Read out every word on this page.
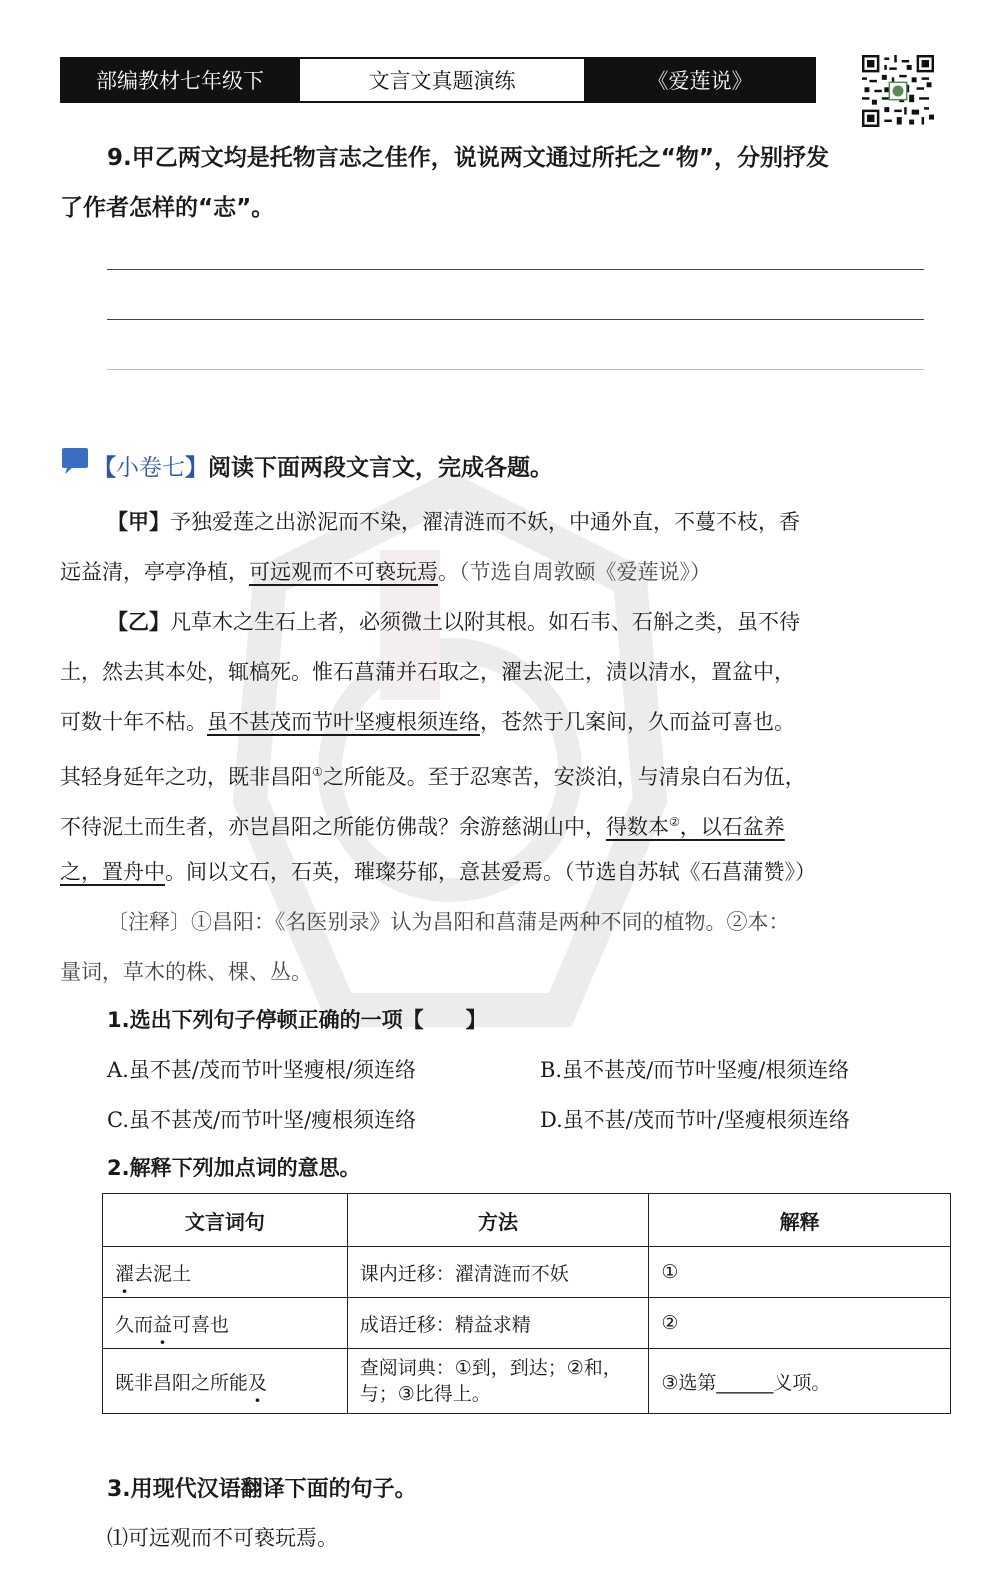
部编教材七年级下	文言文真题演练	《爱莲说》
9.甲乙两文均是托物言志之佳作，说说两文通过所托之“物”，分别抒发
了作者怎样的“志”。
【小卷七】阅读下面两段文言文，完成各题。
【甲】予独爱莲之出淤泥而不染，濯清涟而不妖，中通外直，不蔓不枝，香
远益清，亭亭净植，可远观而不可亵玩焉。（节选自周敦颐《爱莲说》）
【乙】凡草木之生石上者，必须微土以附其根。如石韦、石斛之类，虽不待
土，然去其本处，辄槁死。惟石菖蒲并石取之，濯去泥土，渍以清水，置盆中，
可数十年不枯。虽不甚茂而节叶坚瘦根须连络，苍然于几案间，久而益可喜也。
其轻身延年之功，既非昌阳①之所能及。至于忍寒苦，安淡泊，与清泉白石为伍，
不待泥土而生者，亦岂昌阳之所能仿佛哉？余游慈湖山中，得数本②，以石盆养
之，置舟中。间以文石，石英，璀璨芬郁，意甚爱焉。（节选自苏轼《石菖蒲赞》）
〔注释〕①昌阳：《名医别录》认为昌阳和菖蒲是两种不同的植物。②本：
量词，草木的株、棵、丛。
1.选出下列句子停顿正确的一项【　　】
A.虽不甚/茂而节叶坚瘦根/须连络	B.虽不甚茂/而节叶坚瘦/根须连络
C.虽不甚茂/而节叶坚/瘦根须连络	D.虽不甚/茂而节叶/坚瘦根须连络
2.解释下列加点词的意思。
文言词句	方法	解释
濯去泥土	课内迁移：濯清涟而不妖	①
久而益可喜也	成语迁移：精益求精	②
既非昌阳之所能及	查阅词典：①到，到达；②和，
与；③比得上。	③选第______义项。
3.用现代汉语翻译下面的句子。
⑴可远观而不可亵玩焉。
